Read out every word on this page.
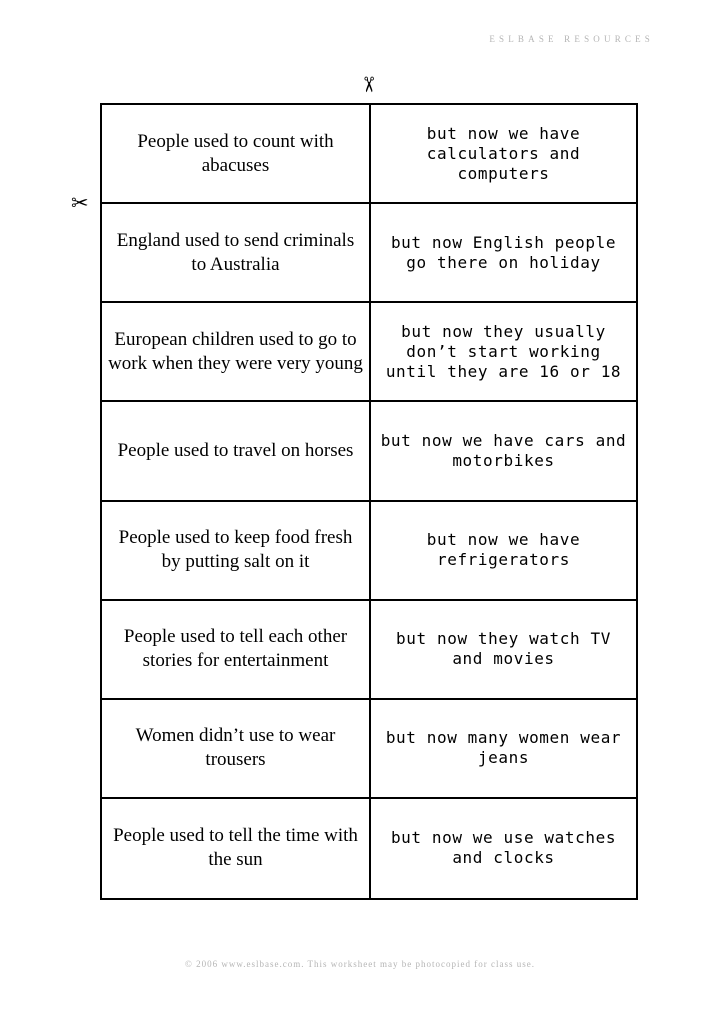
ESLBASE RESOURCES
✂
✂
People used to count with abacuses
but now we have calculators and computers
England used to send criminals to Australia
but now English people go there on holiday
European children used to go to work when they were very young
but now they usually don’t start working until they are 16 or 18
People used to travel on horses	but now we have cars and motorbikes
People used to keep food fresh by putting salt on it
but now we have refrigerators
People used to tell each other stories for entertainment
but now they watch TV and movies
Women didn’t use to wear trousers
but now many women wear jeans
People used to tell the time with the sun
but now we use watches and clocks
© 2006 www.eslbase.com. This worksheet may be photocopied for class use.
